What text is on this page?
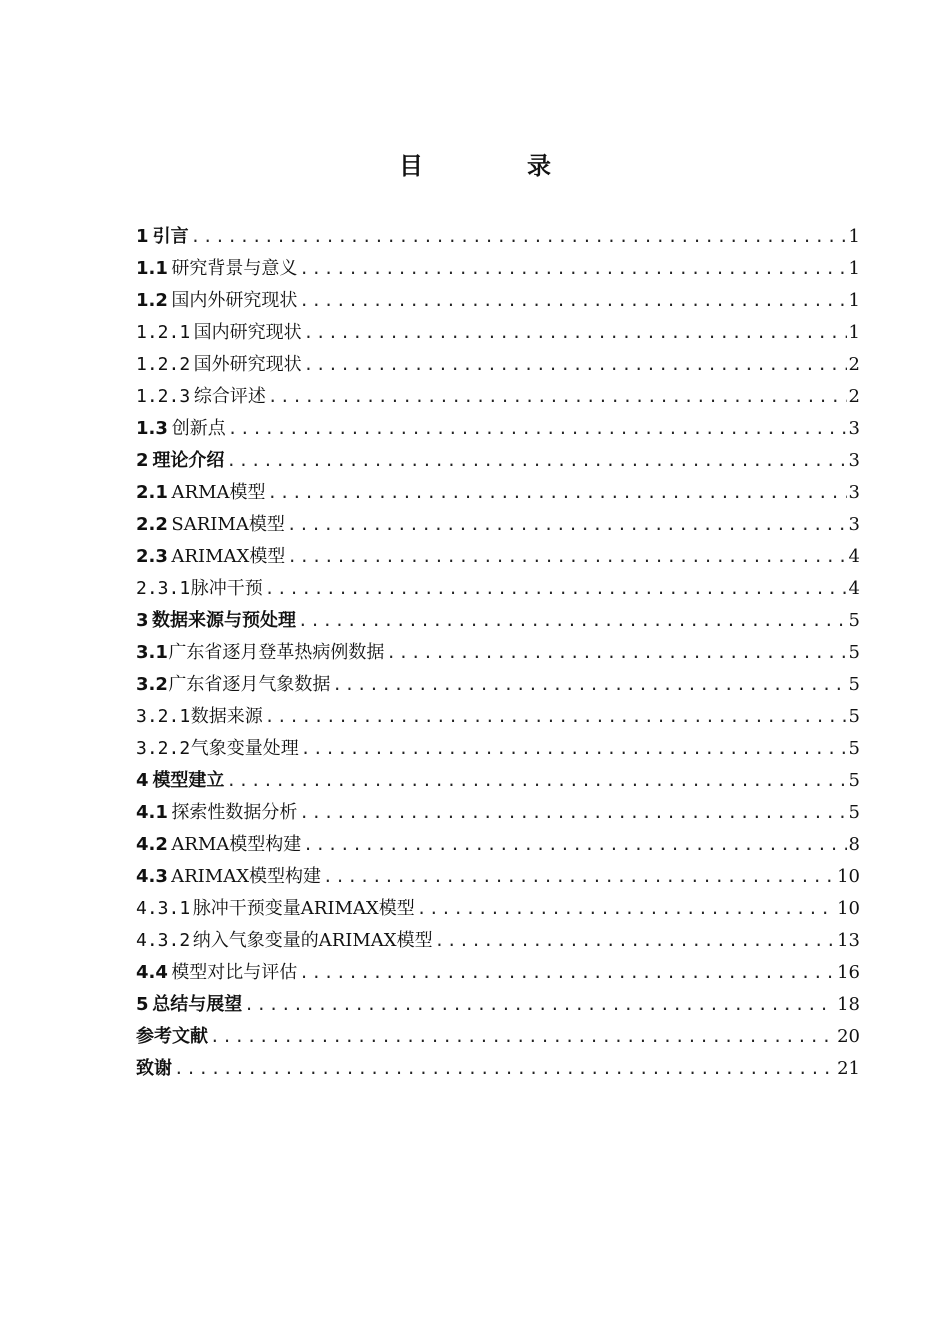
目　录
1 引言 .....	1
1.1 研究背景与意义 .....	1
1.2 国内外研究现状 .....	1
1.2.1 国内研究现状 .....	1
1.2.2 国外研究现状 .....	2
1.2.3 综合评述 .....	2
1.3 创新点 .....	3
2 理论介绍 .....	3
2.1 ARMA模型 .....	3
2.2 SARIMA模型 .....	3
2.3 ARIMAX模型 .....	4
2.3.1 脉冲干预 .....	4
3 数据来源与预处理 .....	5
3.1 广东省逐月登革热病例数据 .....	5
3.2 广东省逐月气象数据 .....	5
3.2.1 数据来源 .....	5
3.2.2 气象变量处理 .....	5
4 模型建立 .....	5
4.1 探索性数据分析 .....	5
4.2 ARMA模型构建 .....	8
4.3 ARIMAX模型构建 .....	10
4.3.1 脉冲干预变量ARIMAX模型 .....	10
4.3.2 纳入气象变量的ARIMAX模型 .....	13
4.4 模型对比与评估 .....	16
5 总结与展望 .....	18
参考文献 .....	20
致谢 .....	21
